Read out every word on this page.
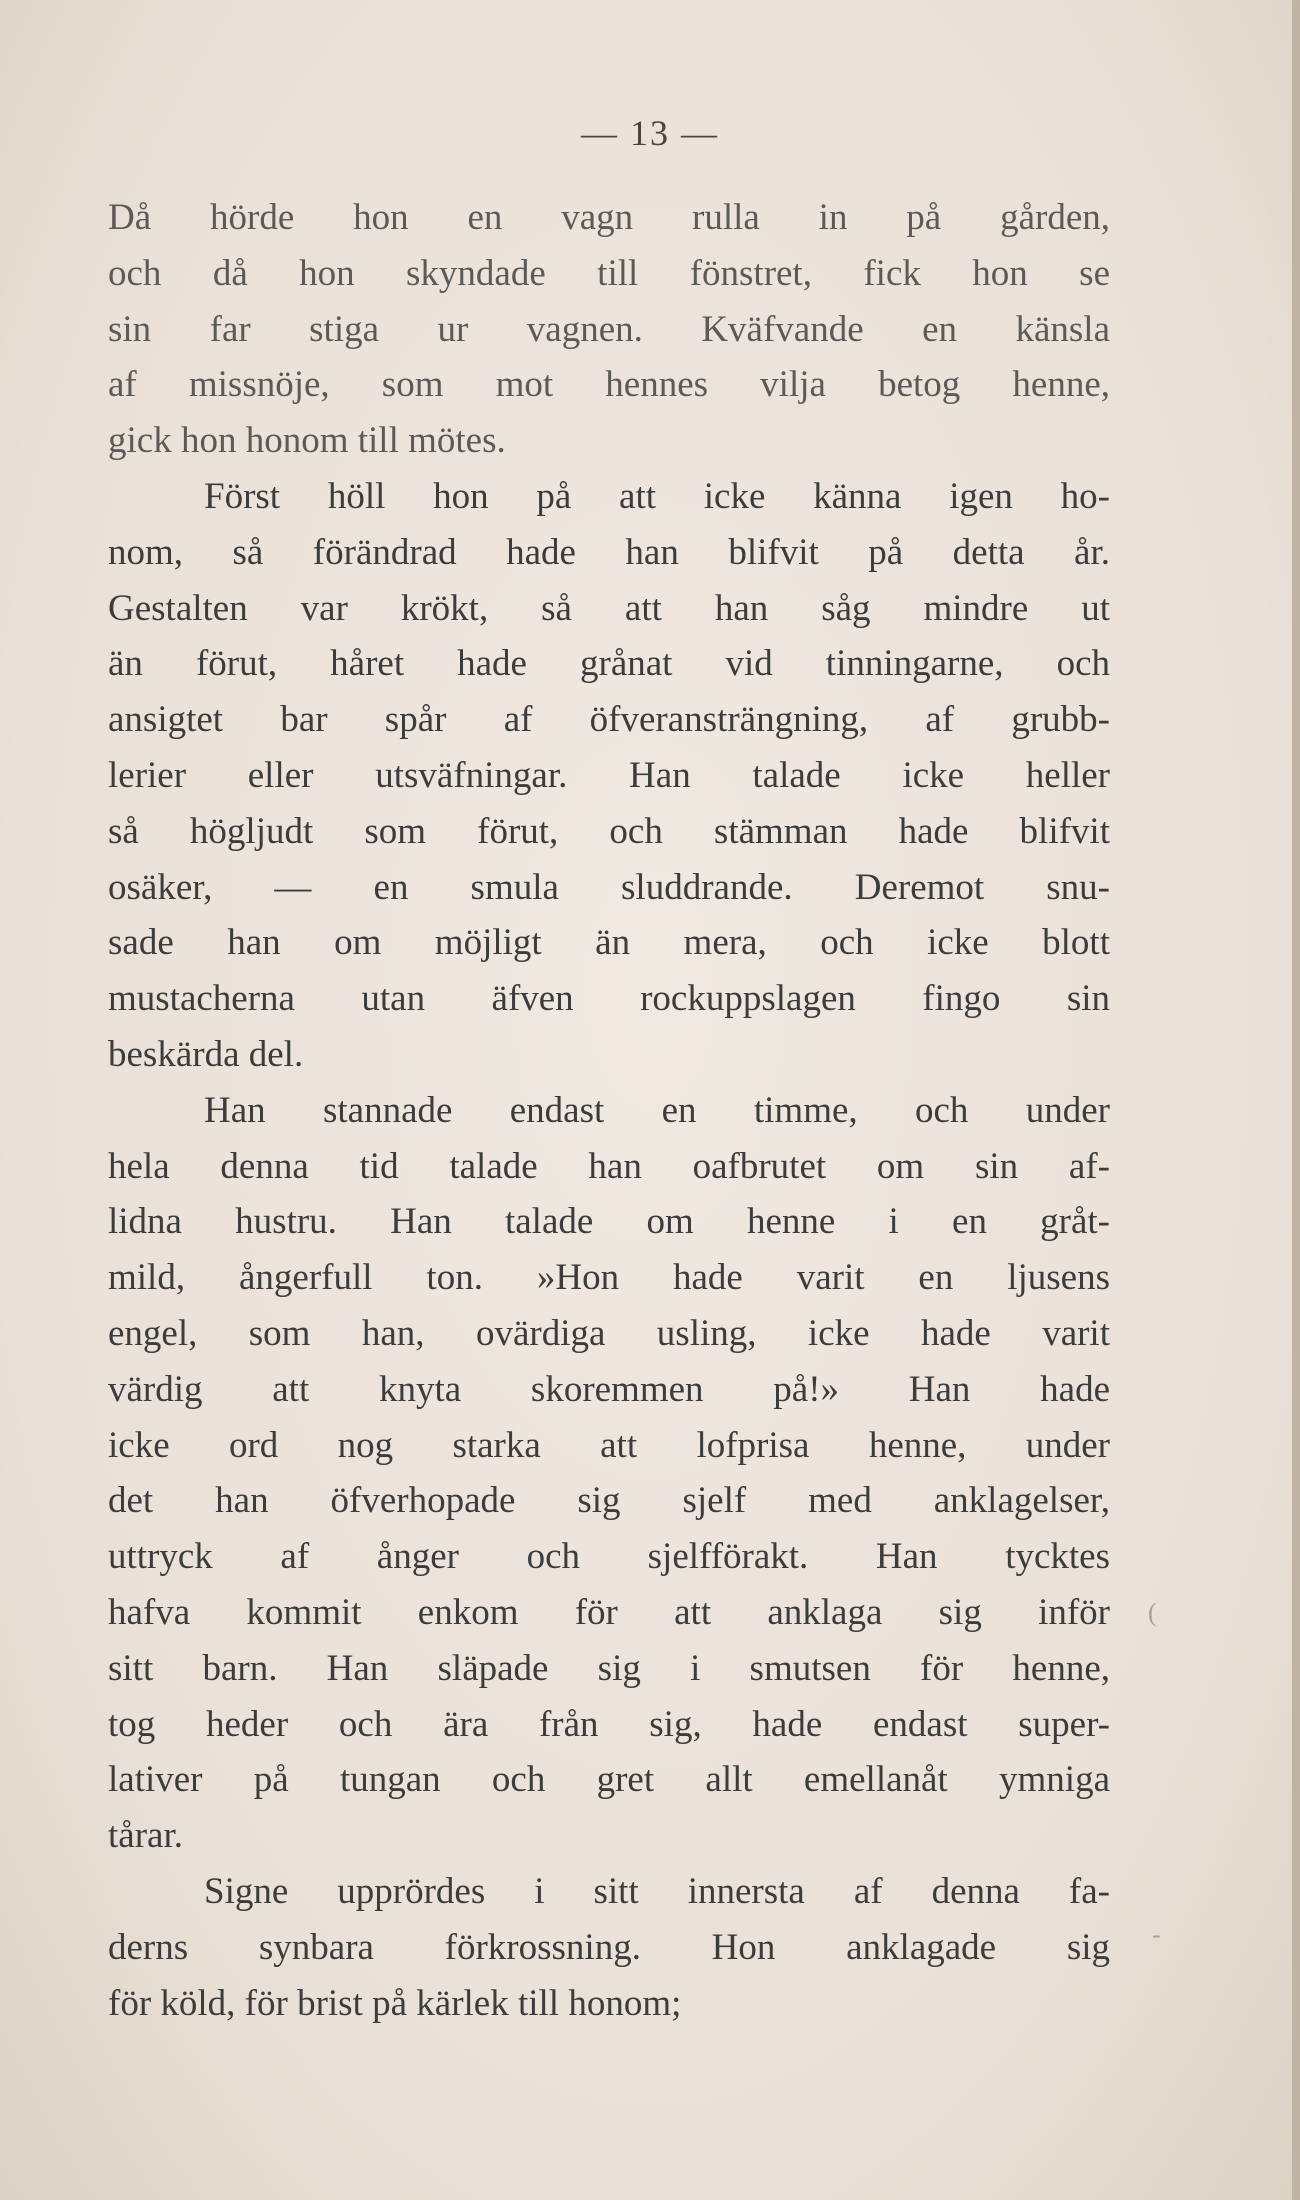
— 13 —
Då hörde hon en vagn rulla in på gården,
och då hon skyndade till fönstret, fick hon se
sin far stiga ur vagnen. Kväfvande en känsla
af missnöje, som mot hennes vilja betog henne,
gick hon honom till mötes.
Först höll hon på att icke känna igen ho-
nom, så förändrad hade han blifvit på detta år.
Gestalten var krökt, så att han såg mindre ut
än förut, håret hade grånat vid tinningarne, och
ansigtet bar spår af öfveransträngning, af grubb-
lerier eller utsväfningar. Han talade icke heller
så högljudt som förut, och stämman hade blifvit
osäker, — en smula sluddrande. Deremot snu-
sade han om möjligt än mera, och icke blott
mustacherna utan äfven rockuppslagen fingo sin
beskärda del.
Han stannade endast en timme, och under
hela denna tid talade han oafbrutet om sin af-
lidna hustru. Han talade om henne i en gråt-
mild, ångerfull ton. »Hon hade varit en ljusens
engel, som han, ovärdiga usling, icke hade varit
värdig att knyta skoremmen på!» Han hade
icke ord nog starka att lofprisa henne, under
det han öfverhopade sig sjelf med anklagelser,
uttryck af ånger och sjelfförakt. Han tycktes
hafva kommit enkom för att anklaga sig inför
sitt barn. Han släpade sig i smutsen för henne,
tog heder och ära från sig, hade endast super-
lativer på tungan och gret allt emellanåt ymniga
tårar.
Signe upprördes i sitt innersta af denna fa-
derns synbara förkrossning. Hon anklagade sig
för köld, för brist på kärlek till honom;
(
-
